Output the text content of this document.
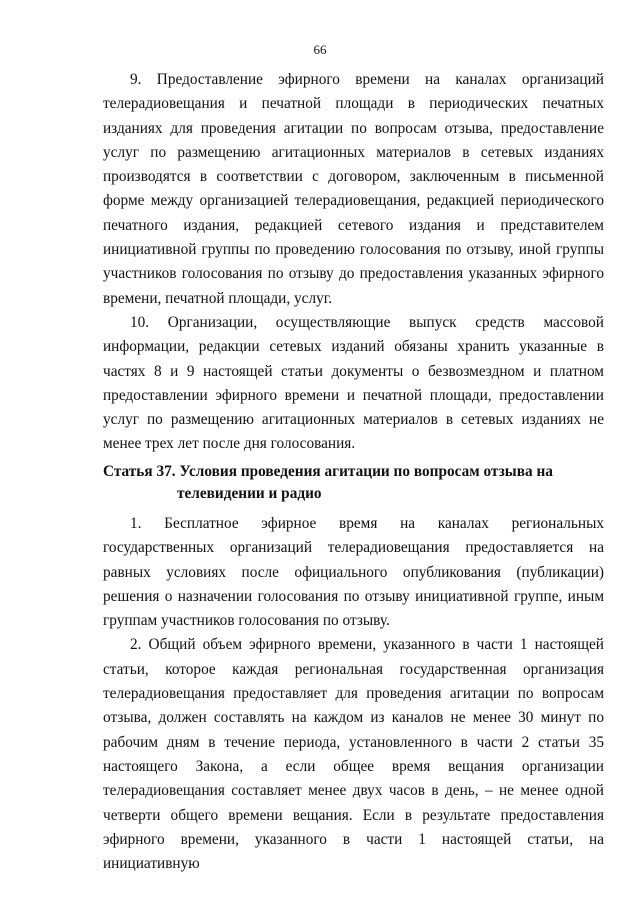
66

9. Предоставление эфирного времени на каналах организаций телерадиовещания и печатной площади в периодических печатных изданиях для проведения агитации по вопросам отзыва, предоставление услуг по размещению агитационных материалов в сетевых изданиях производятся в соответствии с договором, заключенным в письменной форме между организацией телерадиовещания, редакцией периодического печатного издания, редакцией сетевого издания и представителем инициативной группы по проведению голосования по отзыву, иной группы участников голосования по отзыву до предоставления указанных эфирного времени, печатной площади, услуг.

10. Организации, осуществляющие выпуск средств массовой информации, редакции сетевых изданий обязаны хранить указанные в частях 8 и 9 настоящей статьи документы о безвозмездном и платном предоставлении эфирного времени и печатной площади, предоставлении услуг по размещению агитационных материалов в сетевых изданиях не менее трех лет после дня голосования.

Статья 37. Условия проведения агитации по вопросам отзыва на
телевидении и радио

1. Бесплатное эфирное время на каналах региональных государственных организаций телерадиовещания предоставляется на равных условиях после официального опубликования (публикации) решения о назначении голосования по отзыву инициативной группе, иным группам участников голосования по отзыву.

2. Общий объем эфирного времени, указанного в части 1 настоящей статьи, которое каждая региональная государственная организация телерадиовещания предоставляет для проведения агитации по вопросам отзыва, должен составлять на каждом из каналов не менее 30 минут по рабочим дням в течение периода, установленного в части 2 статьи 35 настоящего Закона, а если общее время вещания организации телерадиовещания составляет менее двух часов в день, – не менее одной четверти общего времени вещания. Если в результате предоставления эфирного времени, указанного в части 1 настоящей статьи, на инициативную
